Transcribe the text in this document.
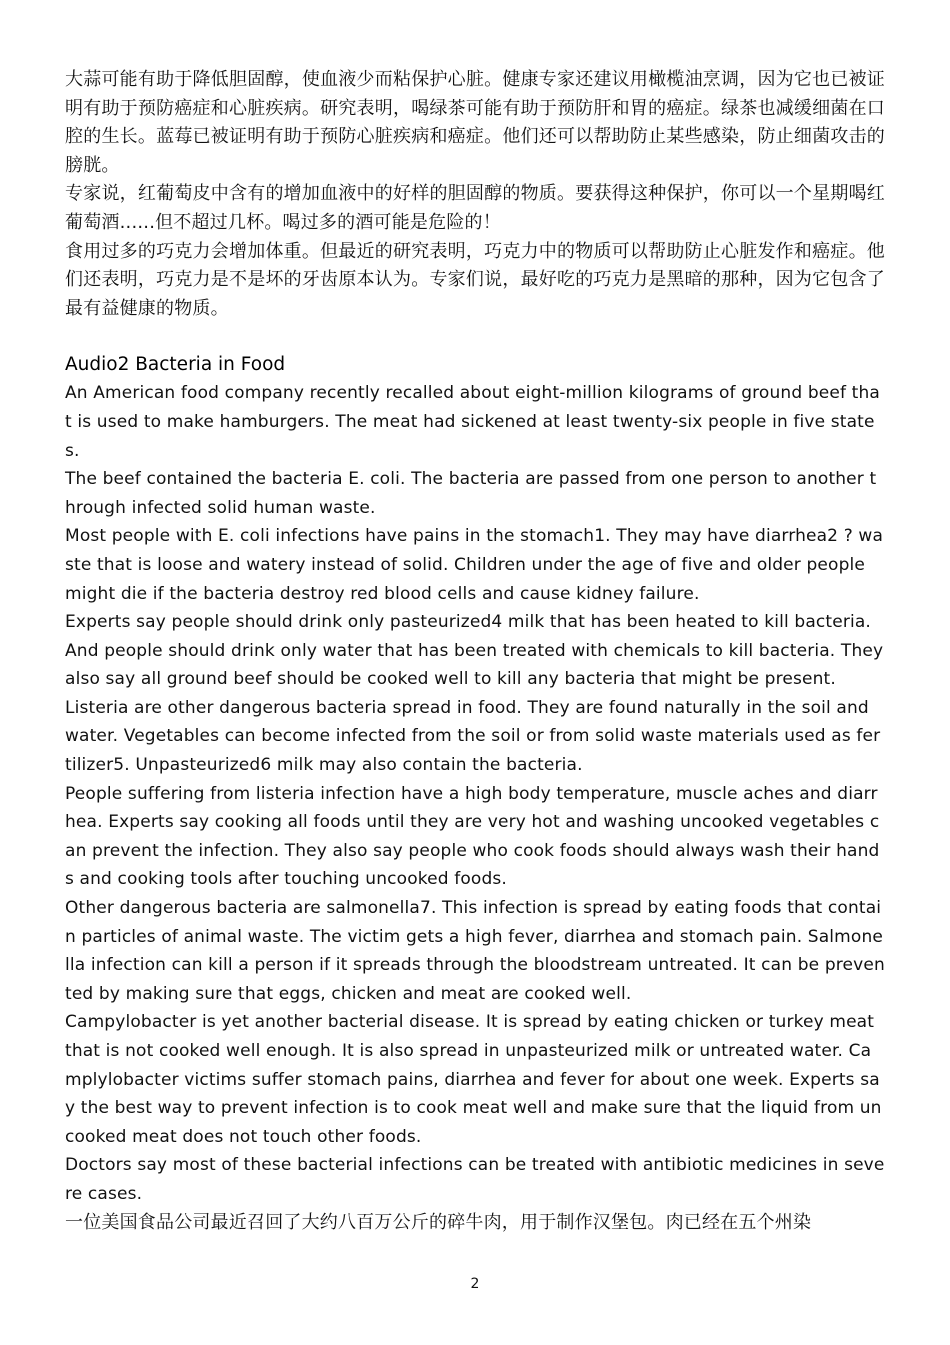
大蒜可能有助于降低胆固醇，使血液少而粘保护心脏。健康专家还建议用橄榄油烹调，因为它也已被证明有助于预防癌症和心脏疾病。研究表明，喝绿茶可能有助于预防肝和胃的癌症。绿茶也减缓细菌在口腔的生长。蓝莓已被证明有助于预防心脏疾病和癌症。他们还可以帮助防止某些感染，防止细菌攻击的膀胱。

专家说，红葡萄皮中含有的增加血液中的好样的胆固醇的物质。要获得这种保护，你可以一个星期喝红葡萄酒......但不超过几杯。喝过多的酒可能是危险的！

食用过多的巧克力会增加体重。但最近的研究表明，巧克力中的物质可以帮助防止心脏发作和癌症。他们还表明，巧克力是不是坏的牙齿原本认为。专家们说，最好吃的巧克力是黑暗的那种，因为它包含了最有益健康的物质。

Audio2 Bacteria in Food

An American food company recently recalled about eight-million kilograms of ground beef that is used to make hamburgers. The meat had sickened at least twenty-six people in five states.

The beef contained the bacteria E. coli. The bacteria are passed from one person to another through infected solid human waste.

Most people with E. coli infections have pains in the stomach1. They may have diarrhea2 ? waste that is loose and watery instead of solid. Children under the age of five and older people might die if the bacteria destroy red blood cells and cause kidney failure.

Experts say people should drink only pasteurized4 milk that has been heated to kill bacteria. And people should drink only water that has been treated with chemicals to kill bacteria. They also say all ground beef should be cooked well to kill any bacteria that might be present.

Listeria are other dangerous bacteria spread in food. They are found naturally in the soil and water. Vegetables can become infected from the soil or from solid waste materials used as fertilizer5. Unpasteurized6 milk may also contain the bacteria.

People suffering from listeria infection have a high body temperature, muscle aches and diarrhea. Experts say cooking all foods until they are very hot and washing uncooked vegetables can prevent the infection. They also say people who cook foods should always wash their hands and cooking tools after touching uncooked foods.

Other dangerous bacteria are salmonella7. This infection is spread by eating foods that contain particles of animal waste. The victim gets a high fever, diarrhea and stomach pain. Salmonella infection can kill a person if it spreads through the bloodstream untreated. It can be prevented by making sure that eggs, chicken and meat are cooked well.

Campylobacter is yet another bacterial disease. It is spread by eating chicken or turkey meat that is not cooked well enough. It is also spread in unpasteurized milk or untreated water. Camplylobacter victims suffer stomach pains, diarrhea and fever for about one week. Experts say the best way to prevent infection is to cook meat well and make sure that the liquid from uncooked meat does not touch other foods.

Doctors say most of these bacterial infections can be treated with antibiotic medicines in severe cases.

一位美国食品公司最近召回了大约八百万公斤的碎牛肉，用于制作汉堡包。肉已经在五个州染

2
